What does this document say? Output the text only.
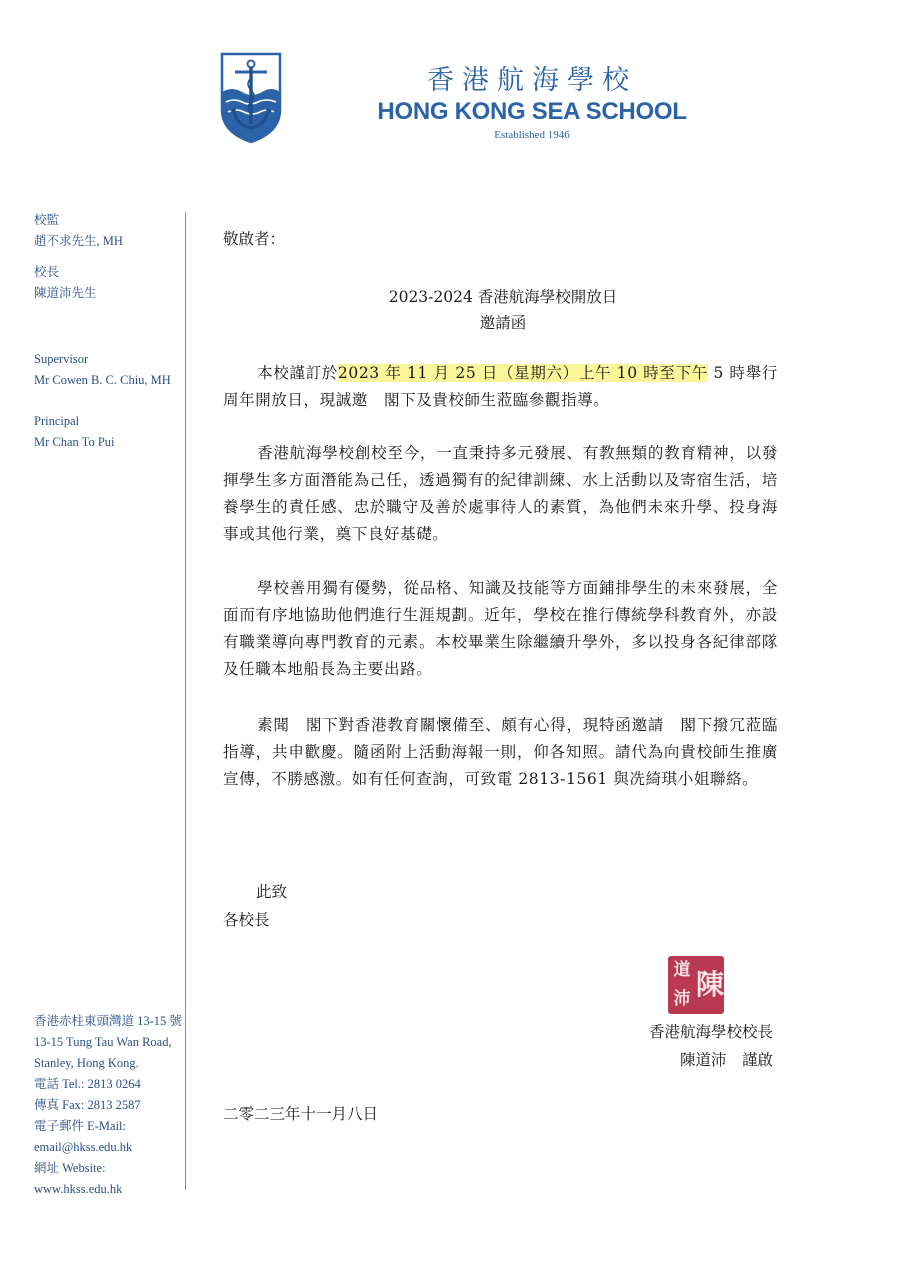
香港航海學校
HONG KONG SEA SCHOOL
Established 1946
校監
趙不求先生, MH
校長
陳道沛先生
Supervisor
Mr Cowen B. C. Chiu, MH
Principal
Mr Chan To Pui
香港赤柱東頭灣道 13-15 號
13-15 Tung Tau Wan Road,
Stanley, Hong Kong.
電話 Tel.: 2813 0264
傳真 Fax: 2813 2587
電子郵件 E-Mail:
email@hkss.edu.hk
網址 Website:
www.hkss.edu.hk
敬啟者：
2023-2024 香港航海學校開放日
邀請函
本校謹訂於2023 年 11 月 25 日（星期六）上午 10 時至下午 5 時舉行周年開放日，現誠邀　閣下及貴校師生蒞臨參觀指導。
香港航海學校創校至今，一直秉持多元發展、有教無類的教育精神，以發揮學生多方面潛能為己任，透過獨有的紀律訓練、水上活動以及寄宿生活，培養學生的責任感、忠於職守及善於處事待人的素質，為他們未來升學、投身海事或其他行業，奠下良好基礎。
學校善用獨有優勢，從品格、知識及技能等方面鋪排學生的未來發展，全面而有序地協助他們進行生涯規劃。近年，學校在推行傳統學科教育外，亦設有職業導向專門教育的元素。本校畢業生除繼續升學外，多以投身各紀律部隊及任職本地船長為主要出路。
素聞　閣下對香港教育關懷備至、頗有心得，現特函邀請　閣下撥冗蒞臨指導，共申歡慶。隨函附上活動海報一則，仰各知照。請代為向貴校師生推廣宣傳，不勝感激。如有任何查詢，可致電 2813-1561 與冼綺琪小姐聯絡。
此致
各校長
道 陳
沛
香港航海學校校長
陳道沛　謹啟
二零二三年十一月八日
